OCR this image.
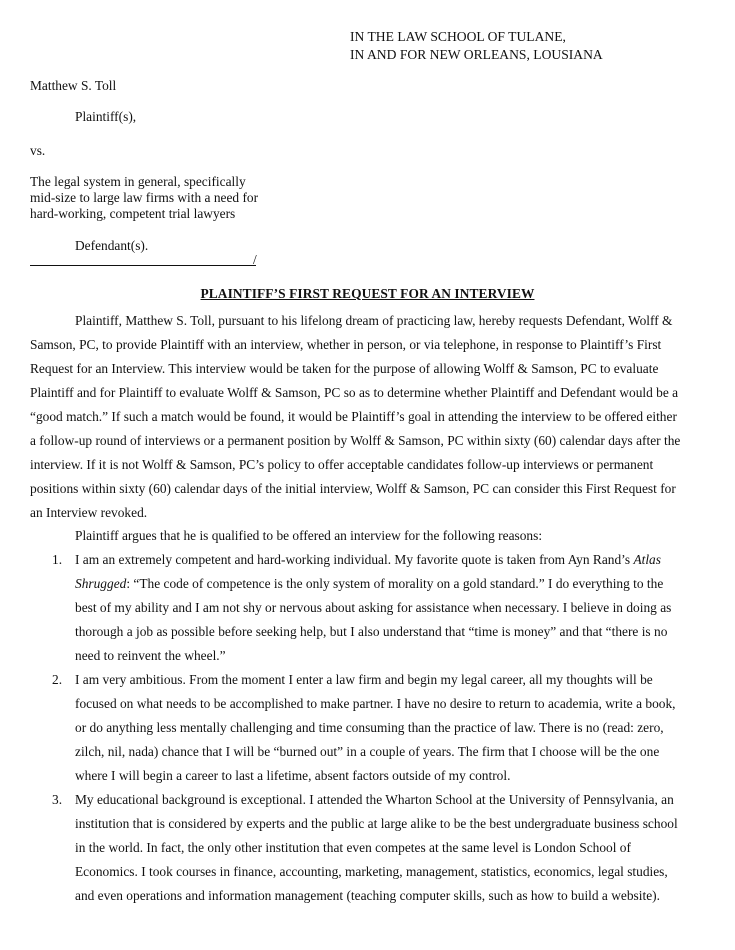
IN THE LAW SCHOOL OF TULANE,
IN AND FOR NEW ORLEANS, LOUSIANA
Matthew S. Toll
Plaintiff(s),
vs.
The legal system in general, specifically
mid-size to large law firms with a need for
hard-working, competent trial lawyers
Defendant(s).
/
PLAINTIFF’S FIRST REQUEST FOR AN INTERVIEW
Plaintiff, Matthew S. Toll, pursuant to his lifelong dream of practicing law, hereby requests Defendant, Wolff &
Samson, PC, to provide Plaintiff with an interview, whether in person, or via telephone, in response to Plaintiff’s First
Request for an Interview. This interview would be taken for the purpose of allowing Wolff & Samson, PC to evaluate
Plaintiff and for Plaintiff to evaluate Wolff & Samson, PC so as to determine whether Plaintiff and Defendant would be a
“good match.” If such a match would be found, it would be Plaintiff’s goal in attending the interview to be offered either
a follow-up round of interviews or a permanent position by Wolff & Samson, PC within sixty (60) calendar days after the
interview. If it is not Wolff & Samson, PC’s policy to offer acceptable candidates follow-up interviews or permanent
positions within sixty (60) calendar days of the initial interview, Wolff & Samson, PC can consider this First Request for
an Interview revoked.
Plaintiff argues that he is qualified to be offered an interview for the following reasons:
1. I am an extremely competent and hard-working individual. My favorite quote is taken from Ayn Rand’s Atlas
Shrugged: “The code of competence is the only system of morality on a gold standard.” I do everything to the
best of my ability and I am not shy or nervous about asking for assistance when necessary. I believe in doing as
thorough a job as possible before seeking help, but I also understand that “time is money” and that “there is no
need to reinvent the wheel.”
2. I am very ambitious. From the moment I enter a law firm and begin my legal career, all my thoughts will be
focused on what needs to be accomplished to make partner. I have no desire to return to academia, write a book,
or do anything less mentally challenging and time consuming than the practice of law. There is no (read: zero,
zilch, nil, nada) chance that I will be “burned out” in a couple of years. The firm that I choose will be the one
where I will begin a career to last a lifetime, absent factors outside of my control.
3. My educational background is exceptional. I attended the Wharton School at the University of Pennsylvania, an
institution that is considered by experts and the public at large alike to be the best undergraduate business school
in the world. In fact, the only other institution that even competes at the same level is London School of
Economics. I took courses in finance, accounting, marketing, management, statistics, economics, legal studies,
and even operations and information management (teaching computer skills, such as how to build a website).
